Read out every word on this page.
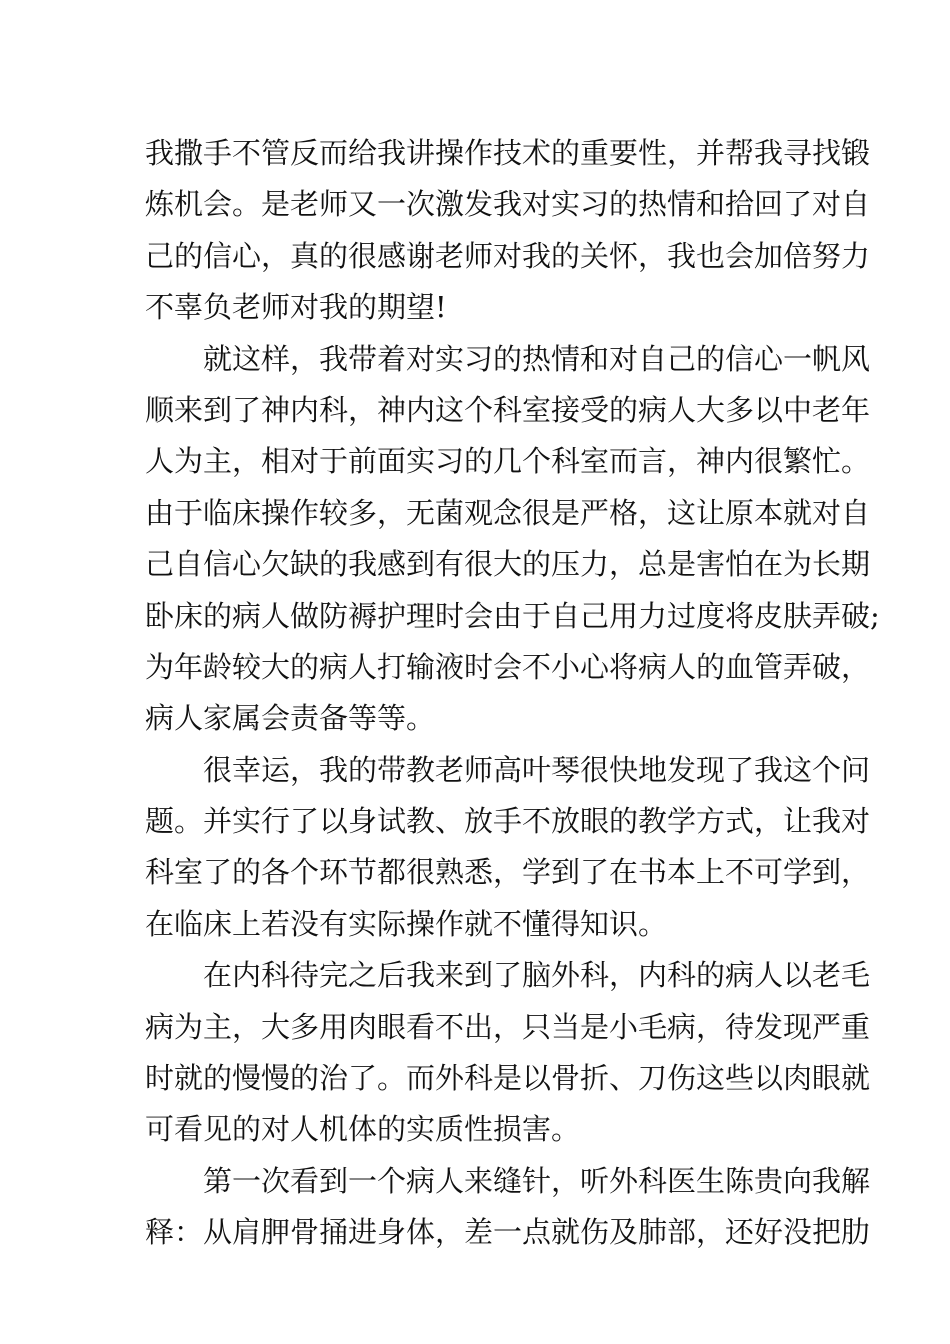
我撒手不管反而给我讲操作技术的重要性，并帮我寻找锻
炼机会。是老师又一次激发我对实习的热情和拾回了对自
己的信心，真的很感谢老师对我的关怀，我也会加倍努力
不辜负老师对我的期望!
就这样，我带着对实习的热情和对自己的信心一帆风
顺来到了神内科，神内这个科室接受的病人大多以中老年
人为主，相对于前面实习的几个科室而言，神内很繁忙。
由于临床操作较多，无菌观念很是严格，这让原本就对自
己自信心欠缺的我感到有很大的压力，总是害怕在为长期
卧床的病人做防褥护理时会由于自己用力过度将皮肤弄破;
为年龄较大的病人打输液时会不小心将病人的血管弄破，
病人家属会责备等等。
很幸运，我的带教老师高叶琴很快地发现了我这个问
题。并实行了以身试教、放手不放眼的教学方式，让我对
科室了的各个环节都很熟悉，学到了在书本上不可学到，
在临床上若没有实际操作就不懂得知识。
在内科待完之后我来到了脑外科，内科的病人以老毛
病为主，大多用肉眼看不出，只当是小毛病，待发现严重
时就的慢慢的治了。而外科是以骨折、刀伤这些以肉眼就
可看见的对人机体的实质性损害。
第一次看到一个病人来缝针，听外科医生陈贵向我解
释：从肩胛骨捅进身体，差一点就伤及肺部，还好没把肋
